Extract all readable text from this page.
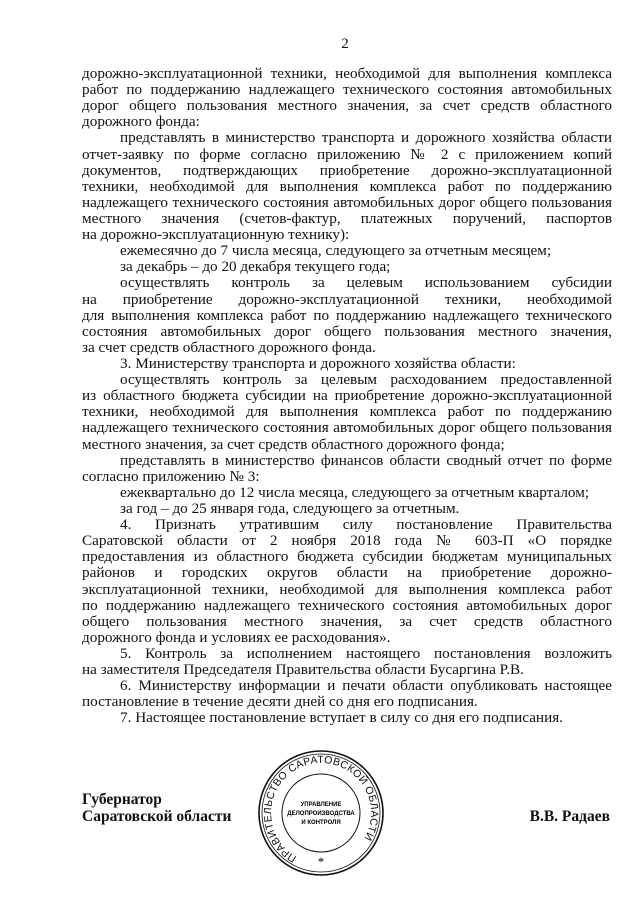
2
дорожно-эксплуатационной техники, необходимой для выполнения комплекса
работ по поддержанию надлежащего технического состояния автомобильных
дорог общего пользования местного значения, за счет средств областного
дорожного фонда:
представлять в министерство транспорта и дорожного хозяйства области
отчет-заявку по форме согласно приложению № 2 с приложением копий
документов, подтверждающих приобретение дорожно-эксплуатационной
техники, необходимой для выполнения комплекса работ по поддержанию
надлежащего технического состояния автомобильных дорог общего пользования
местного значения (счетов-фактур, платежных поручений, паспортов
на дорожно-эксплуатационную технику):
ежемесячно до 7 числа месяца, следующего за отчетным месяцем;
за декабрь – до 20 декабря текущего года;
осуществлять контроль за целевым использованием субсидии
на приобретение дорожно-эксплуатационной техники, необходимой
для выполнения комплекса работ по поддержанию надлежащего технического
состояния автомобильных дорог общего пользования местного значения,
за счет средств областного дорожного фонда.
3. Министерству транспорта и дорожного хозяйства области:
осуществлять контроль за целевым расходованием предоставленной
из областного бюджета субсидии на приобретение дорожно-эксплуатационной
техники, необходимой для выполнения комплекса работ по поддержанию
надлежащего технического состояния автомобильных дорог общего пользования
местного значения, за счет средств областного дорожного фонда;
представлять в министерство финансов области сводный отчет по форме
согласно приложению № 3:
ежеквартально до 12 числа месяца, следующего за отчетным кварталом;
за год – до 25 января года, следующего за отчетным.
4. Признать утратившим силу постановление Правительства
Саратовской области от 2 ноября 2018 года № 603-П «О порядке
предоставления из областного бюджета субсидии бюджетам муниципальных
районов и городских округов области на приобретение дорожно-
эксплуатационной техники, необходимой для выполнения комплекса работ
по поддержанию надлежащего технического состояния автомобильных дорог
общего пользования местного значения, за счет средств областного
дорожного фонда и условиях ее расходования».
5. Контроль за исполнением настоящего постановления возложить
на заместителя Председателя Правительства области Бусаргина Р.В.
6. Министерству информации и печати области опубликовать настоящее
постановление в течение десяти дней со дня его подписания.
7. Настоящее постановление вступает в силу со дня его подписания.
Губернатор
Саратовской области	В.В. Радаев
ПРАВИТЕЛЬСТВО САРАТОВСКОЙ ОБЛАСТИ
УПРАВЛЕНИЕ
ДЕЛОПРОИЗВОДСТВА
И КОНТРОЛЯ
*
